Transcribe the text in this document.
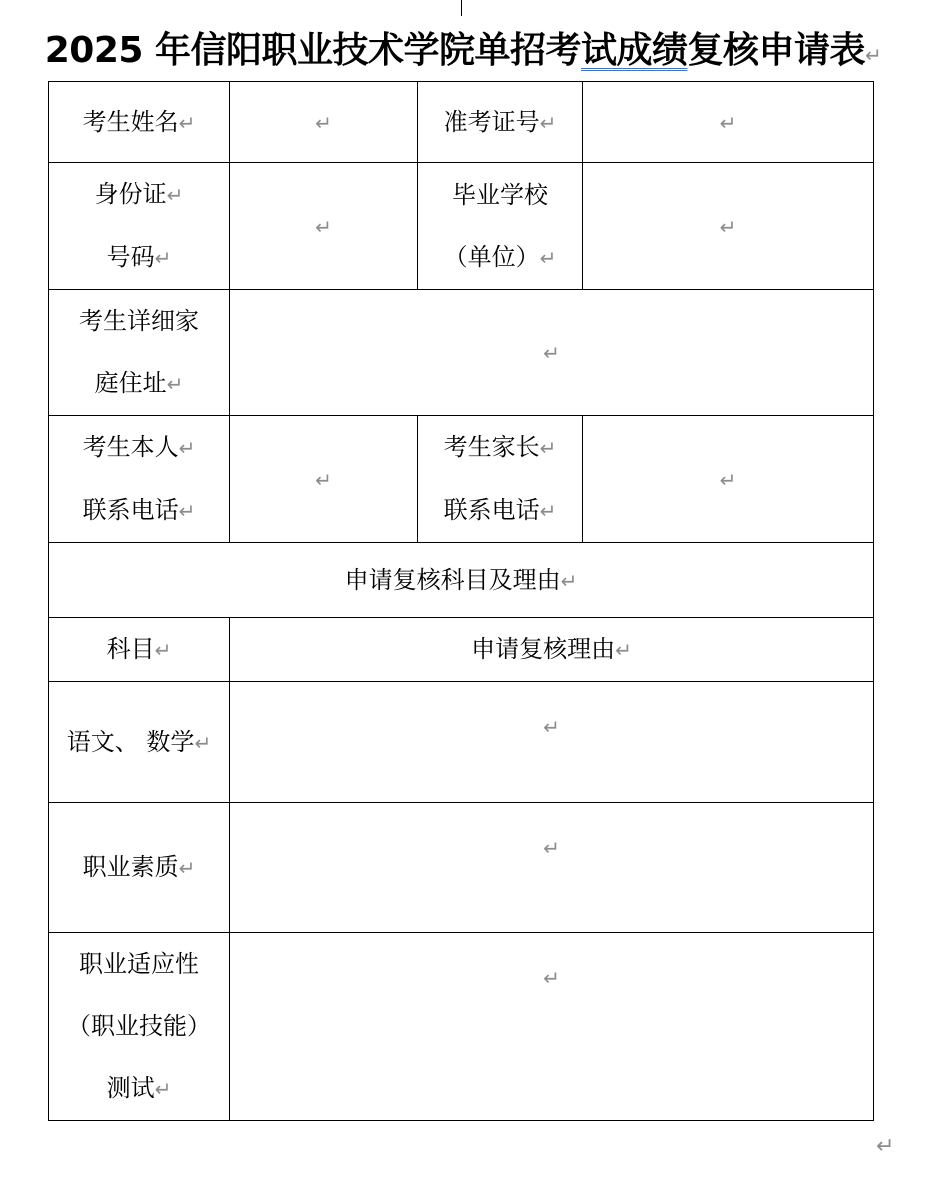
2025 年信阳职业技术学院单招考试成绩复核申请表↵
考生姓名↵	↵	准考证号↵	↵

身份证↵
号码↵	↵	毕业学校
（单位）↵	↵

考生详细家
庭住址↵	↵		

考生本人↵
联系电话↵	↵	考生家长↵
联系电话↵	↵
申请复核科目及理由↵			
科目↵	申请复核理由↵		

语文、 数学↵	↵		
职业素质↵	↵		

职业适应性
（职业技能）
测试↵	↵		
↵
